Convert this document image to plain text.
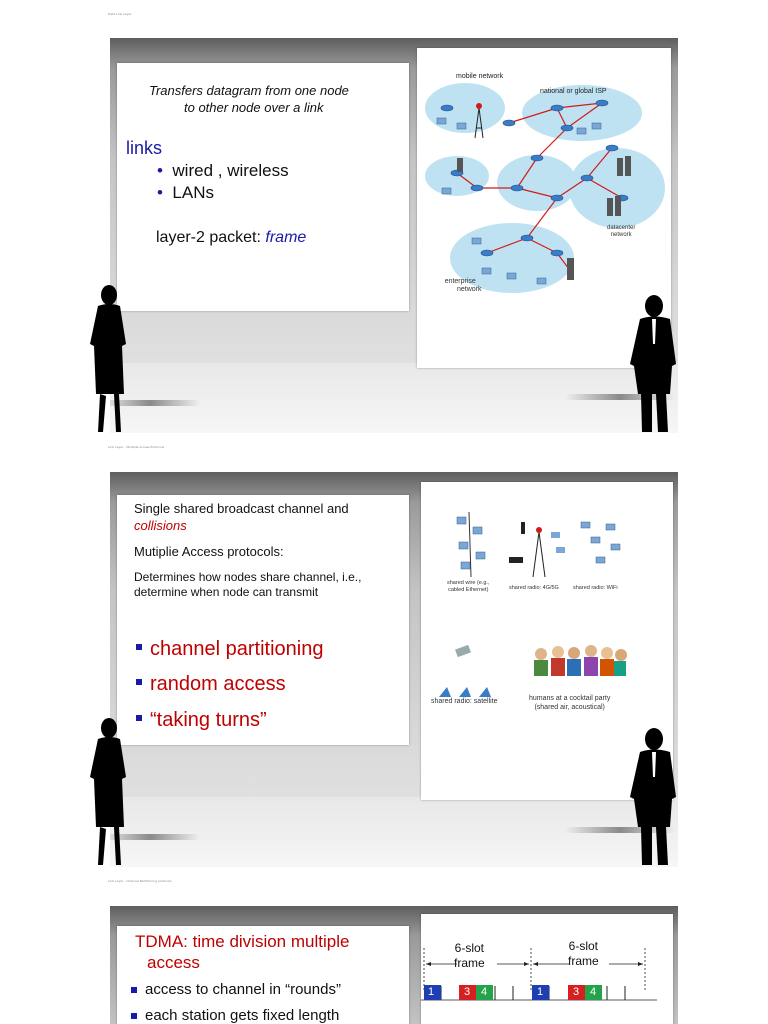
Data Link Layer
Link Layer - Multiple Access Protocols
Link Layer - Channel Partitioning protocols
Transfers datagram from one node
to other node over a link
links
• wired , wireless
• LANs
layer-2 packet: frame
mobile network
national or global ISP
datacenter
network
enterprise
network
Single shared broadcast channel and
collisions
Mutiplie Access protocols:
Determines how nodes share channel, i.e.,
determine when node can transmit
channel partitioning
random access
“taking turns”
shared wire (e.g.,
cabled Ethernet)	shared radio: 4G/5G	shared radio: WiFi
shared radio: satellite	humans at a cocktail party
(shared air, acoustical)
TDMA: time division multiple
access
access to channel in “rounds”
each station gets fixed length
6-slot
frame
6-slot
frame
1	3 4	1	3 4
